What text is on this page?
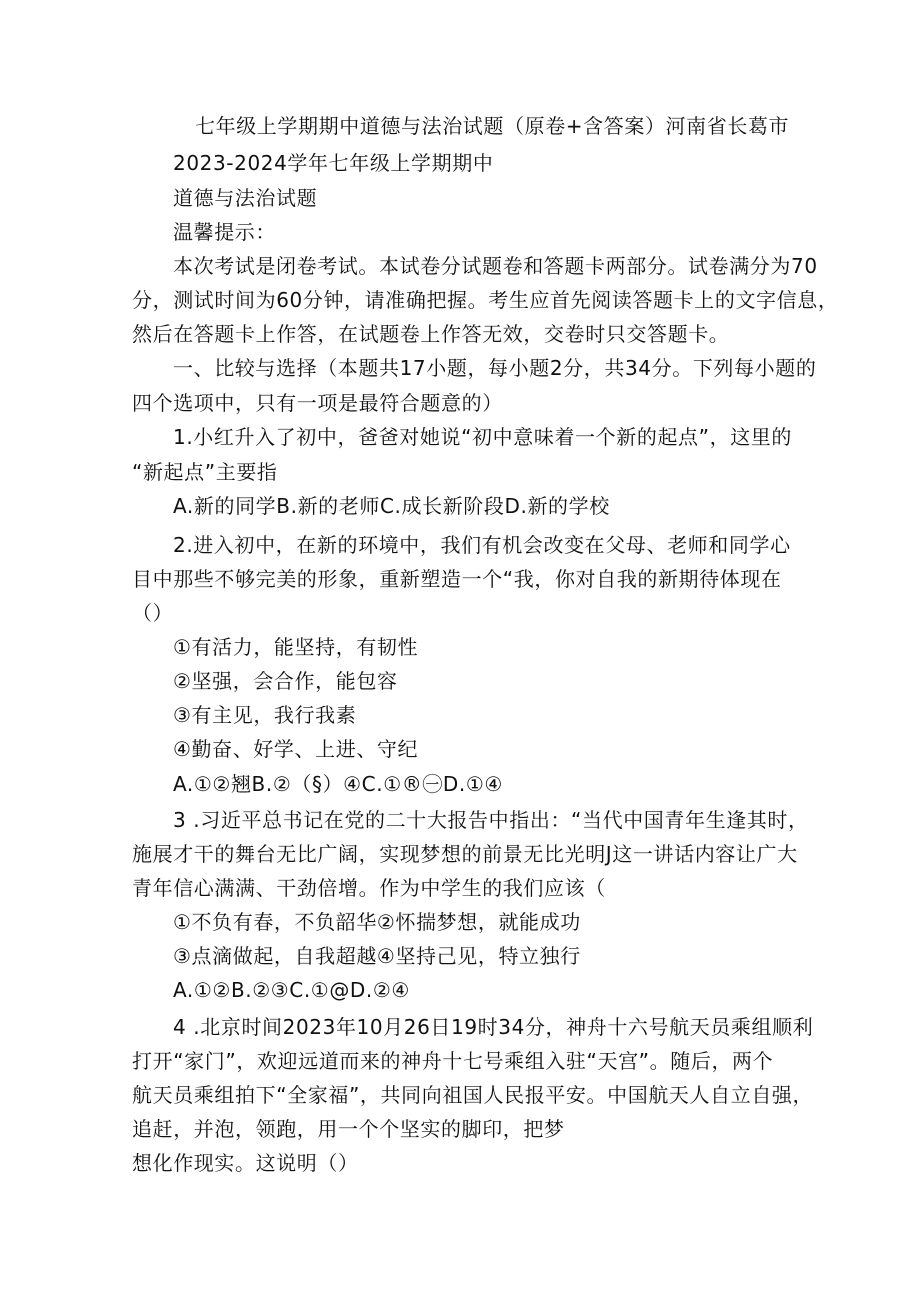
七年级上学期期中道德与法治试题（原卷+含答案）河南省长葛市
2023-2024学年七年级上学期期中
道德与法治试题
温馨提示：
本次考试是闭卷考试。本试卷分试题卷和答题卡两部分。试卷满分为70
分，测试时间为60分钟，请准确把握。考生应首先阅读答题卡上的文字信息，
然后在答题卡上作答，在试题卷上作答无效，交卷时只交答题卡。
一、比较与选择（本题共17小题，每小题2分，共34分。下列每小题的
四个选项中，只有一项是最符合题意的）
1.小红升入了初中，爸爸对她说“初中意味着一个新的起点”，这里的
“新起点”主要指
A.新的同学B.新的老师C.成长新阶段D.新的学校
2.进入初中，在新的环境中，我们有机会改变在父母、老师和同学心
目中那些不够完美的形象，重新塑造一个“我，你对自我的新期待体现在
（）
①有活力，能坚持，有韧性
②坚强，会合作，能包容
③有主见，我行我素
④勤奋、好学、上进、守纪
A.①②翘B.②（§）④C.①®㊀D.①④
3 .习近平总书记在党的二十大报告中指出：“当代中国青年生逢其时，
施展才干的舞台无比广阔，实现梦想的前景无比光明J这一讲话内容让广大
青年信心满满、干劲倍增。作为中学生的我们应该（
①不负有春，不负韶华②怀揣梦想，就能成功
③点滴做起，自我超越④坚持己见，特立独行
A.①②B.②③C.①@D.②④
4 .北京时间2023年10月26日19时34分，神舟十六号航天员乘组顺利
打开“家门”，欢迎远道而来的神舟十七号乘组入驻“天宫”。随后，两个
航天员乘组拍下“全家福”，共同向祖国人民报平安。中国航天人自立自强，
追赶，并泡，领跑，用一个个坚实的脚印，把梦
想化作现实。这说明（）
